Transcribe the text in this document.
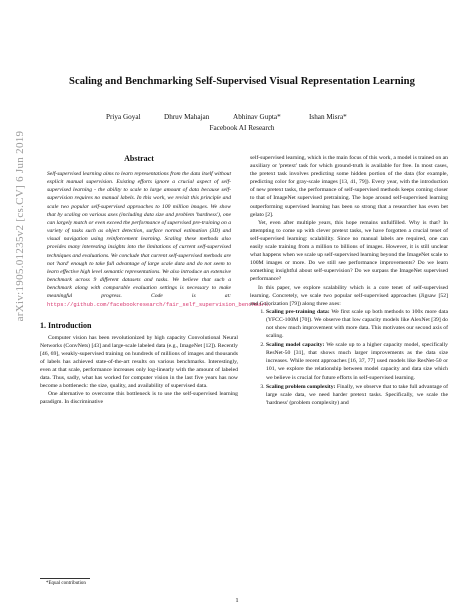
arXiv:1905.01235v2 [cs.CV] 6 Jun 2019
Scaling and Benchmarking Self-Supervised Visual Representation Learning
Priya Goyal	Dhruv Mahajan	Abhinav Gupta*	Ishan Misra*
Facebook AI Research
Abstract
Self-supervised learning aims to learn representations from the data itself without explicit manual supervision. Existing efforts ignore a crucial aspect of self-supervised learning - the ability to scale to large amount of data because self-supervision requires no manual labels. In this work, we revisit this principle and scale two popular self-supervised approaches to 100 million images. We show that by scaling on various axes (including data size and problem 'hardness'), one can largely match or even exceed the performance of supervised pre-training on a variety of tasks such as object detection, surface normal estimation (3D) and visual navigation using reinforcement learning. Scaling these methods also provides many interesting insights into the limitations of current self-supervised techniques and evaluations. We conclude that current self-supervised methods are not 'hard' enough to take full advantage of large scale data and do not seem to learn effective high level semantic representations. We also introduce an extensive benchmark across 9 different datasets and tasks. We believe that such a benchmark along with comparable evaluation settings is necessary to make meaningful progress. Code is at: https://github.com/facebookresearch/fair_self_supervision_benchmark.
1. Introduction

Computer vision has been revolutionized by high capacity Convolutional Neural Networks (ConvNets) [43] and large-scale labeled data (e.g., ImageNet [12]). Recently [46, 69], weakly-supervised training on hundreds of millions of images and thousands of labels has achieved state-of-the-art results on various benchmarks. Interestingly, even at that scale, performance increases only log-linearly with the amount of labeled data. Thus, sadly, what has worked for computer vision in the last five years has now become a bottleneck: the size, quality, and availability of supervised data.

One alternative to overcome this bottleneck is to use the self-supervised learning paradigm. In discriminative

self-supervised learning, which is the main focus of this work, a model is trained on an auxiliary or 'pretext' task for which ground-truth is available for free. In most cases, the pretext task involves predicting some hidden portion of the data (for example, predicting color for gray-scale images [13, 41, 79]). Every year, with the introduction of new pretext tasks, the performance of self-supervised methods keeps coming closer to that of ImageNet supervised pretraining. The hope around self-supervised learning outperforming supervised learning has been so strong that a researcher has even bet gelato [2].

Yet, even after multiple years, this hope remains unfulfilled. Why is that? In attempting to come up with clever pretext tasks, we have forgotten a crucial tenet of self-supervised learning: scalability. Since no manual labels are required, one can easily scale training from a million to billions of images. However, it is still unclear what happens when we scale up self-supervised learning beyond the ImageNet scale to 100M images or more. Do we still see performance improvements? Do we learn something insightful about self-supervision? Do we surpass the ImageNet supervised performance?

In this paper, we explore scalability which is a core tenet of self-supervised learning. Concretely, we scale two popular self-supervised approaches (Jigsaw [52] and Colorization [79]) along three axes:

1. Scaling pre-training data: We first scale up both methods to 100x more data (YFCC-100M [70]). We observe that low capacity models like AlexNet [39] do not show much improvement with more data. This motivates our second axis of scaling.
2. Scaling model capacity: We scale up to a higher capacity model, specifically ResNet-50 [31], that shows much larger improvements as the data size increases. While recent approaches [16, 37, 77] used models like ResNet-50 or 101, we explore the relationship between model capacity and data size which we believe is crucial for future efforts in self-supervised learning.
3. Scaling problem complexity: Finally, we observe that to take full advantage of large scale data, we need harder pretext tasks. Specifically, we scale the 'hardness' (problem complexity) and
*Equal contribution
1
